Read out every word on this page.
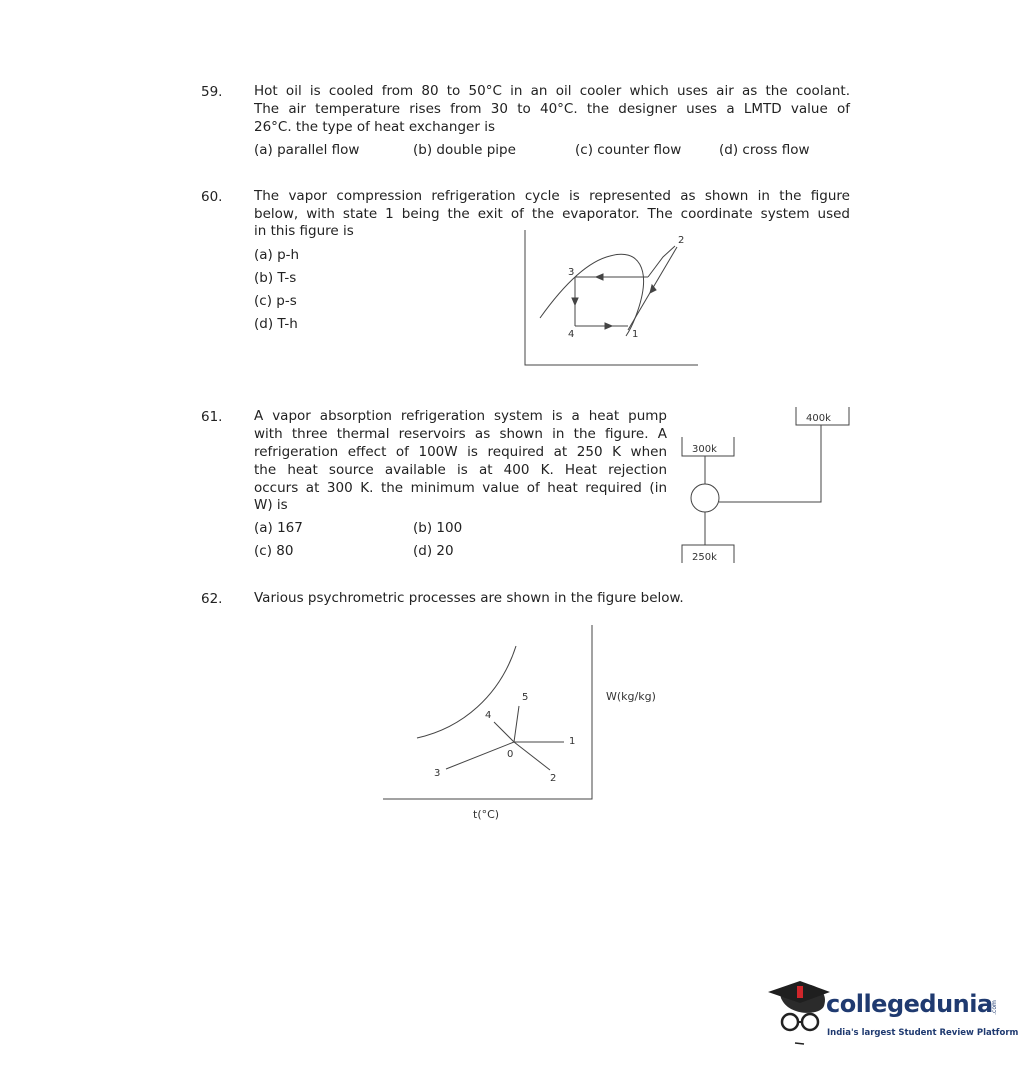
59. Hot oil is cooled from 80 to 50°C in an oil cooler which uses air as the coolant.
The air temperature rises from 30 to 40°C. the designer uses a LMTD value of
26°C. the type of heat exchanger is
(a) parallel flow	(b) double pipe	(c) counter flow	(d) cross flow
60. The vapor compression refrigeration cycle is represented as shown in the figure
below, with state 1 being the exit of the evaporator. The coordinate system used
in this figure is
(a) p-h
(b) T-s
(c) p-s
(d) T-h
61. A vapor absorption refrigeration system is a heat pump
with three thermal reservoirs as shown in the figure. A
refrigeration effect of 100W is required at 250 K when
the heat source available is at 400 K. Heat rejection
occurs at 300 K. the minimum value of heat required (in
W) is
(a) 167	(b) 100
(c) 80	(d) 20
62. Various psychrometric processes are shown in the figure below.
1
2
3
4
400k
300k
250k
0
1
2
3
4
5	W(kg/kg)
t(°C)
collegedunia
.com
India's largest Student Review Platform
